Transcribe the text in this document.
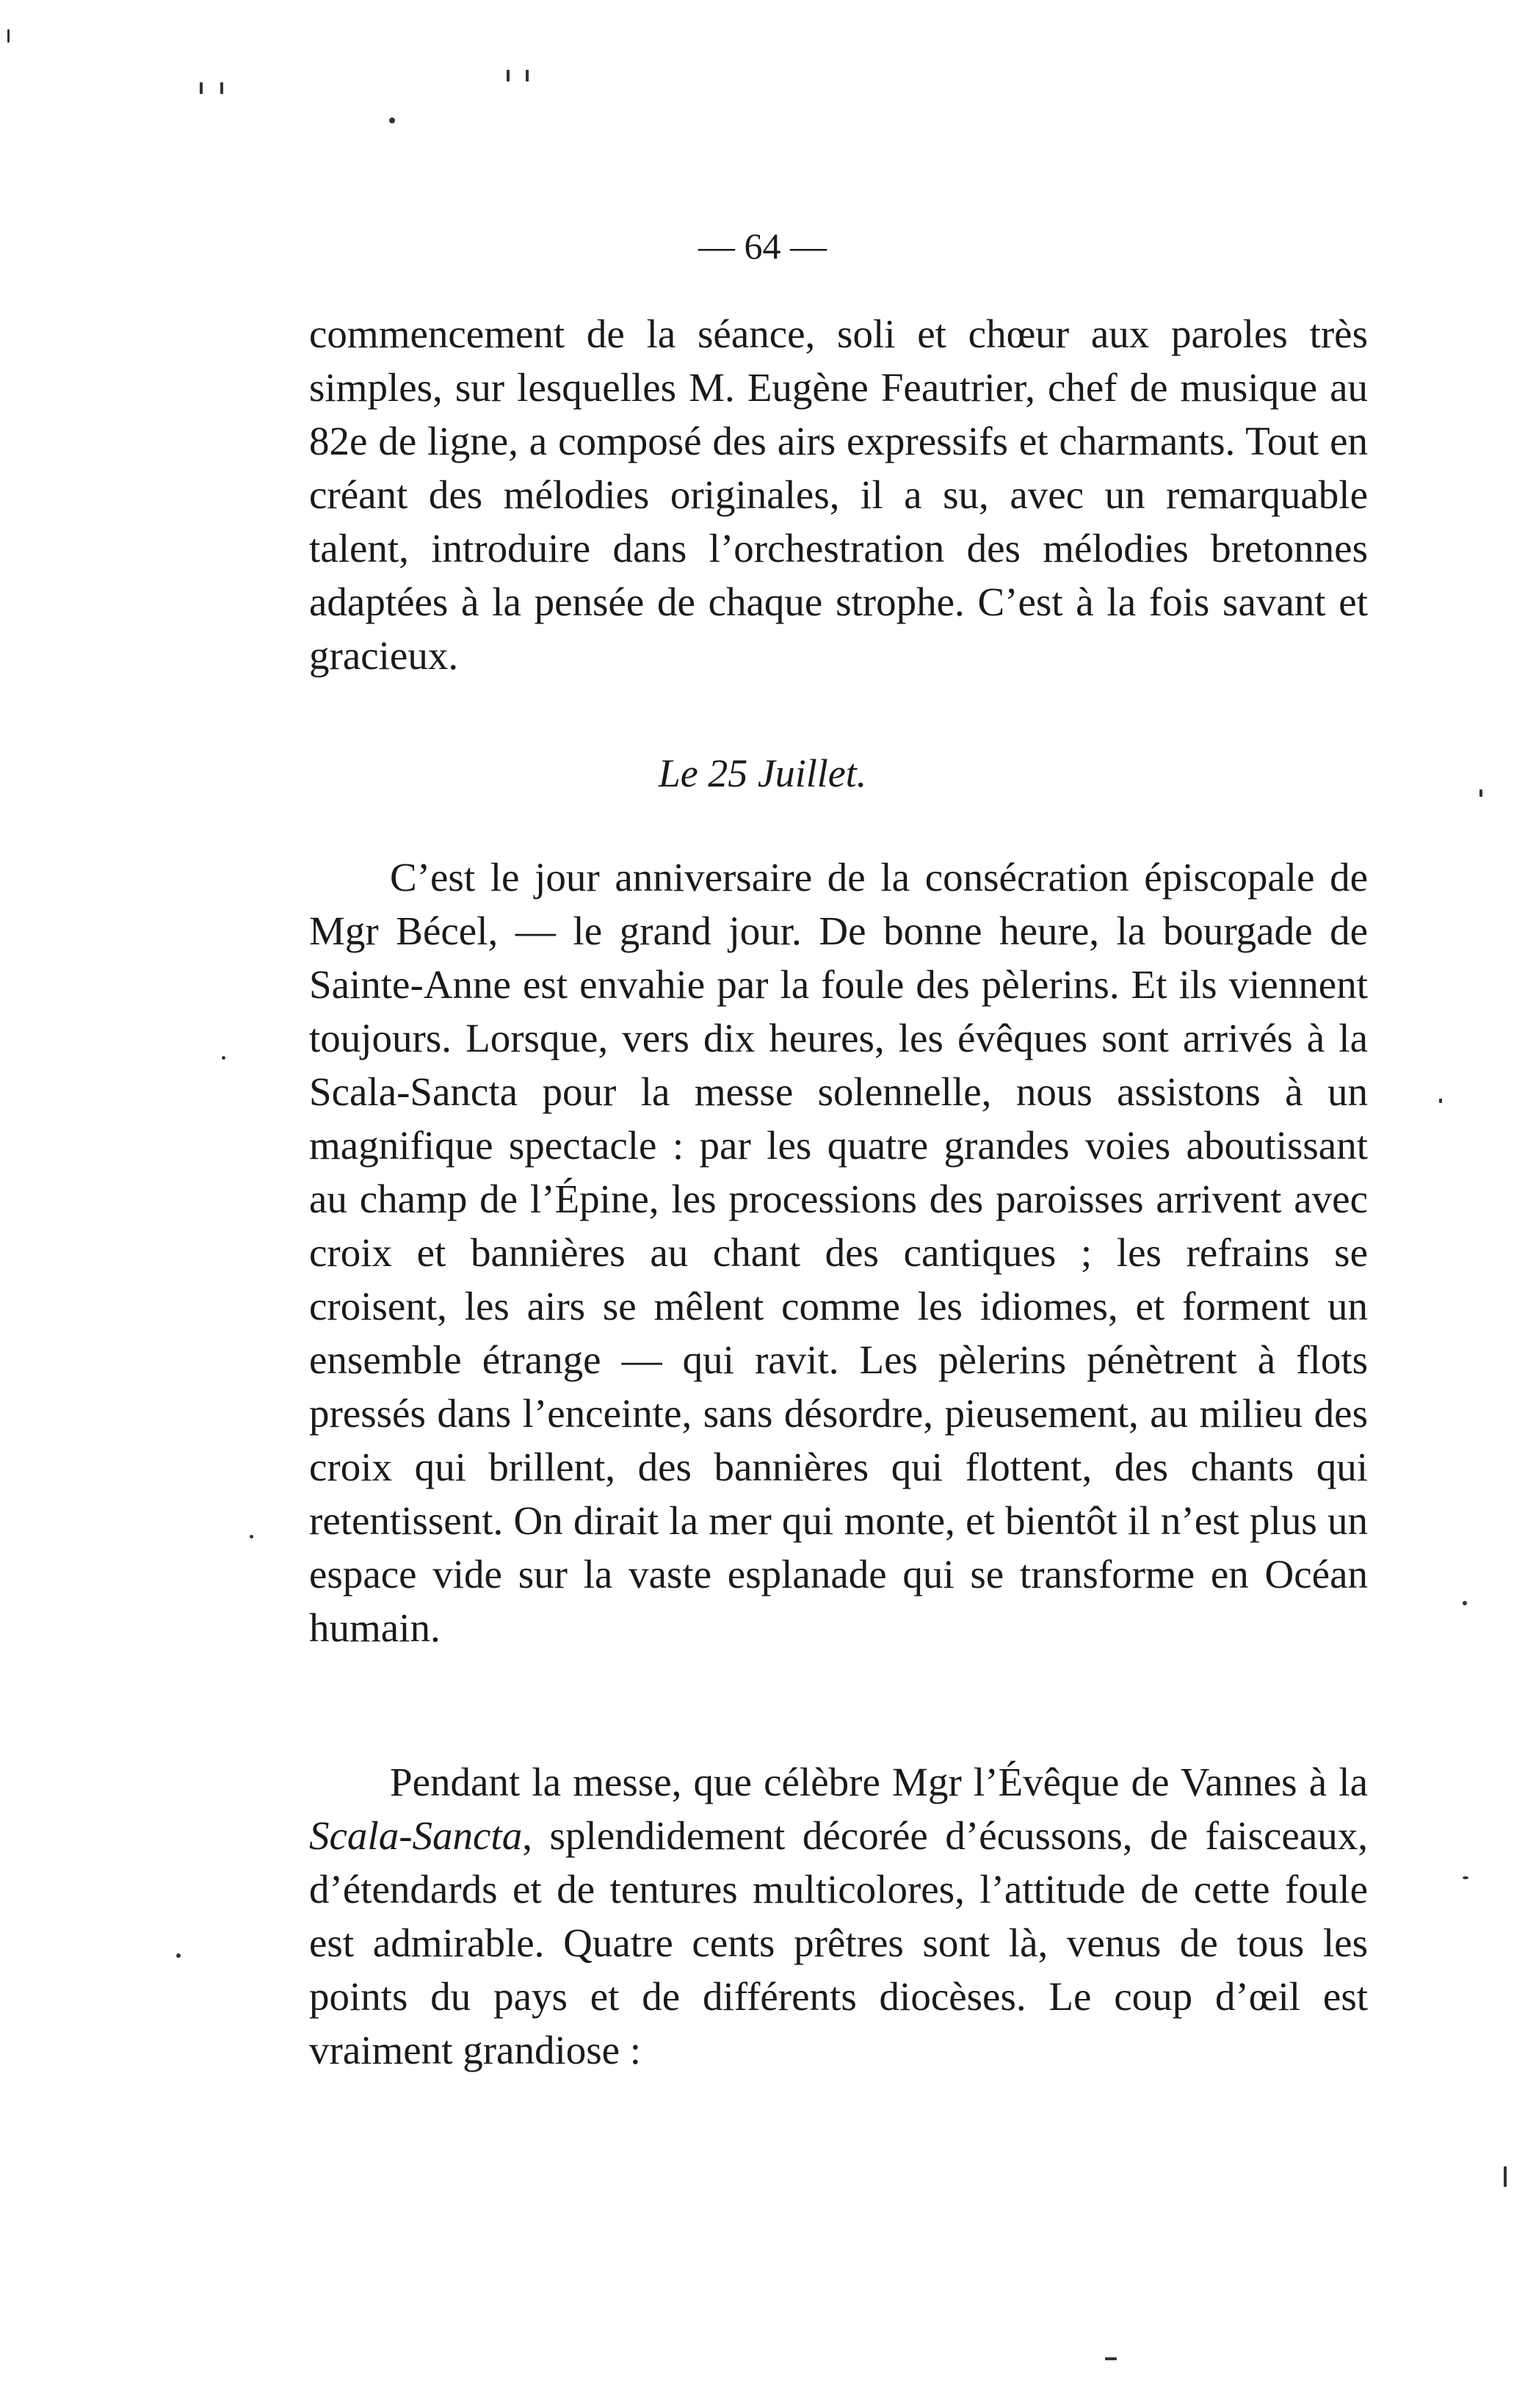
— 64 —

commencement de la séance, soli et chœur aux paroles très simples, sur lesquelles M. Eugène Feautrier, chef de musique au 82e de ligne, a composé des airs expressifs et charmants. Tout en créant des mélodies originales, il a su, avec un remarquable talent, introduire dans l’orchestration des mélodies bretonnes adaptées à la pensée de chaque strophe. C’est à la fois savant et gracieux.

Le 25 Juillet.

C’est le jour anniversaire de la consécration épiscopale de Mgr Bécel, — le grand jour. De bonne heure, la bourgade de Sainte-Anne est envahie par la foule des pèlerins. Et ils viennent toujours. Lorsque, vers dix heures, les évêques sont arrivés à la Scala-Sancta pour la messe solennelle, nous assistons à un magnifique spectacle : par les quatre grandes voies aboutissant au champ de l’Épine, les processions des paroisses arrivent avec croix et bannières au chant des cantiques ; les refrains se croisent, les airs se mêlent comme les idiomes, et forment un ensemble étrange — qui ravit. Les pèlerins pénètrent à flots pressés dans l’enceinte, sans désordre, pieusement, au milieu des croix qui brillent, des bannières qui flottent, des chants qui retentissent. On dirait la mer qui monte, et bientôt il n’est plus un espace vide sur la vaste esplanade qui se transforme en Océan humain.

Pendant la messe, que célèbre Mgr l’Évêque de Vannes à la Scala-Sancta, splendidement décorée d’écussons, de faisceaux, d’étendards et de tentures multicolores, l’attitude de cette foule est admirable. Quatre cents prêtres sont là, venus de tous les points du pays et de différents diocèses. Le coup d’œil est vraiment grandiose :
